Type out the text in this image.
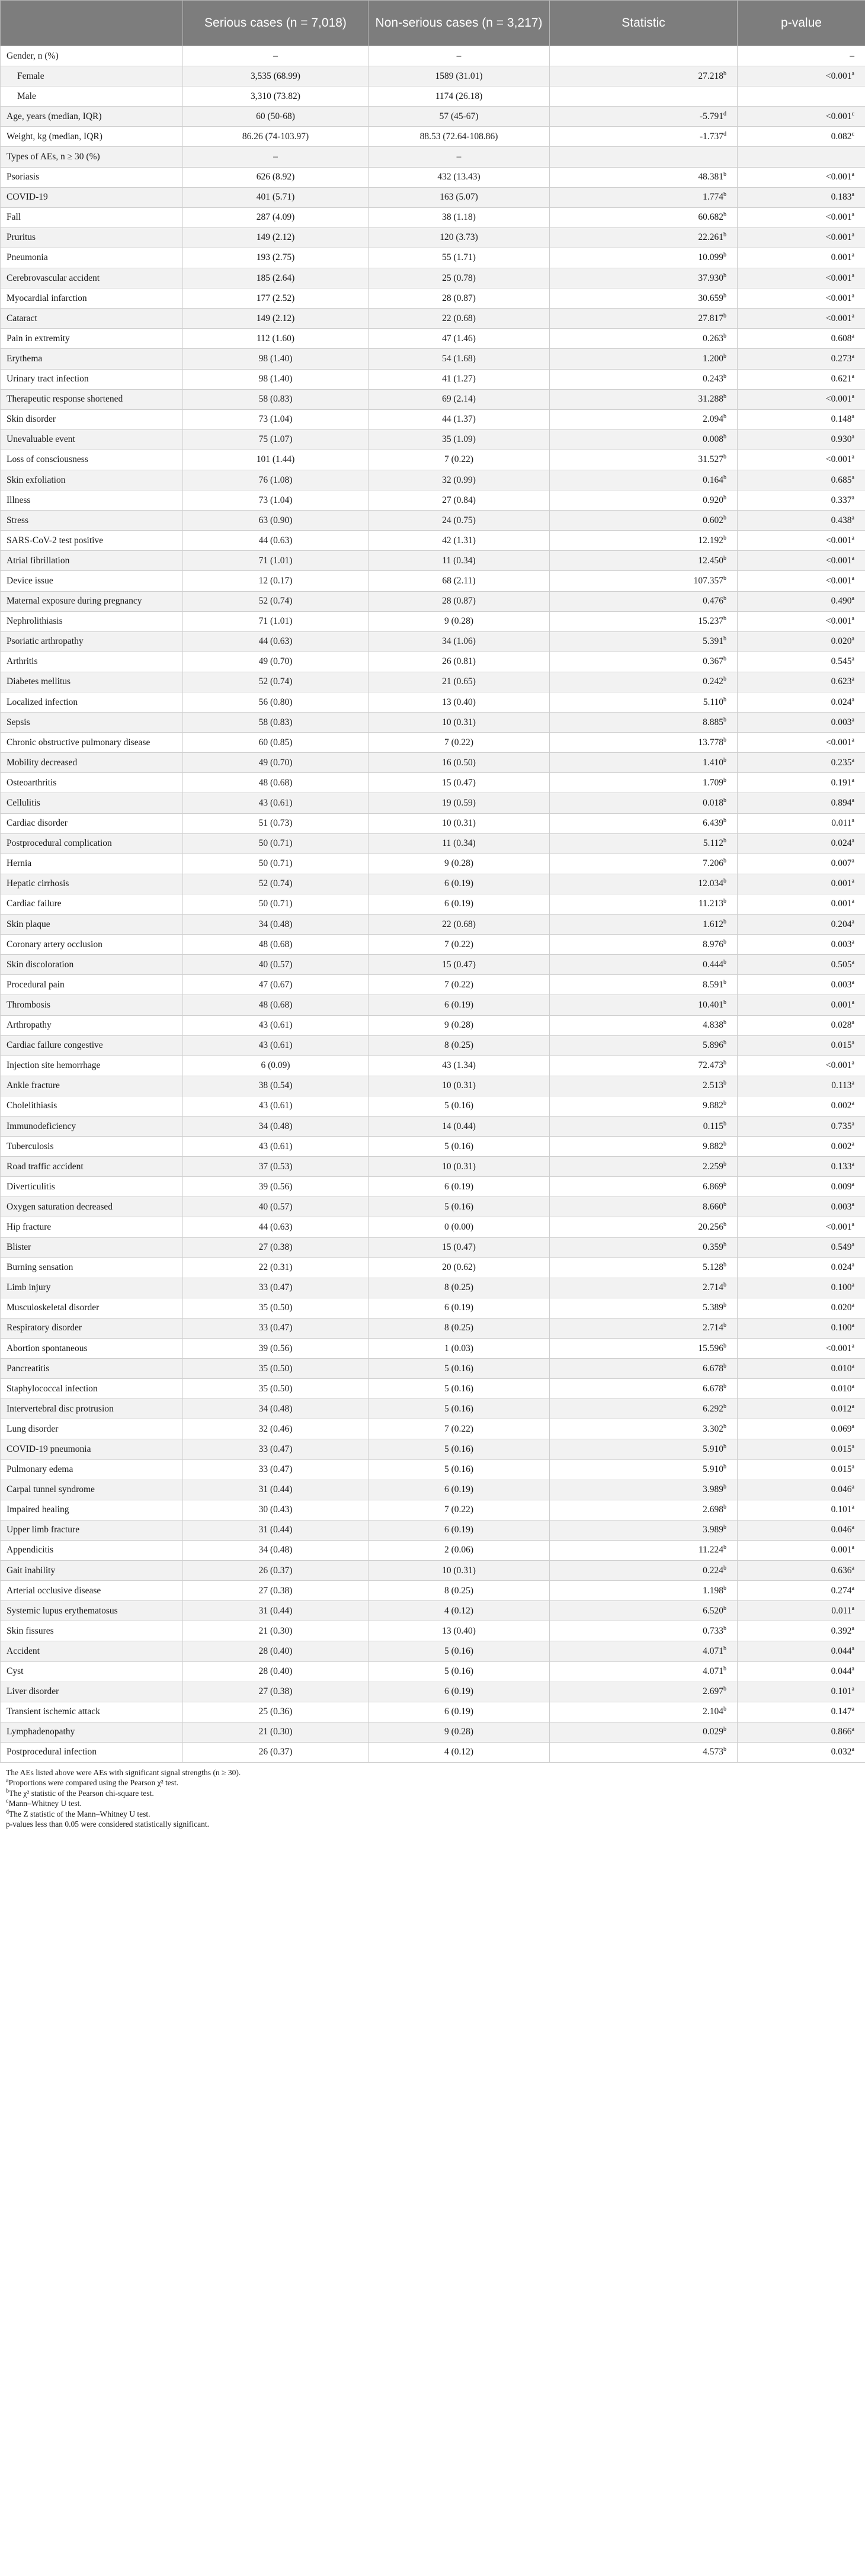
	Serious cases (n = 7,018)	Non-serious cases (n = 3,217)	Statistic	p-value
Gender, n (%)	–	–		–
Female	3,535 (68.99)	1589 (31.01)	27.218$^b$	<0.001$^a$
Male	3,310 (73.82)	1174 (26.18)		
Age, years (median, IQR)	60 (50-68)	57 (45-67)	-5.791$^d$	<0.001$^c$
Weight, kg (median, IQR)	86.26 (74-103.97)	88.53 (72.64-108.86)	-1.737$^d$	0.082$^c$
Types of AEs, n ≥ 30 (%)	–	–		
Psoriasis	626 (8.92)	432 (13.43)	48.381$^b$	<0.001$^a$
COVID-19	401 (5.71)	163 (5.07)	1.774$^b$	0.183$^a$
Fall	287 (4.09)	38 (1.18)	60.682$^b$	<0.001$^a$
Pruritus	149 (2.12)	120 (3.73)	22.261$^b$	<0.001$^a$
Pneumonia	193 (2.75)	55 (1.71)	10.099$^b$	0.001$^a$
Cerebrovascular accident	185 (2.64)	25 (0.78)	37.930$^b$	<0.001$^a$
Myocardial infarction	177 (2.52)	28 (0.87)	30.659$^b$	<0.001$^a$
Cataract	149 (2.12)	22 (0.68)	27.817$^b$	<0.001$^a$
Pain in extremity	112 (1.60)	47 (1.46)	0.263$^b$	0.608$^a$
Erythema	98 (1.40)	54 (1.68)	1.200$^b$	0.273$^a$
Urinary tract infection	98 (1.40)	41 (1.27)	0.243$^b$	0.621$^a$
Therapeutic response shortened	58 (0.83)	69 (2.14)	31.288$^b$	<0.001$^a$
Skin disorder	73 (1.04)	44 (1.37)	2.094$^b$	0.148$^a$
Unevaluable event	75 (1.07)	35 (1.09)	0.008$^b$	0.930$^a$
Loss of consciousness	101 (1.44)	7 (0.22)	31.527$^b$	<0.001$^a$
Skin exfoliation	76 (1.08)	32 (0.99)	0.164$^b$	0.685$^a$
Illness	73 (1.04)	27 (0.84)	0.920$^b$	0.337$^a$
Stress	63 (0.90)	24 (0.75)	0.602$^b$	0.438$^a$
SARS-CoV-2 test positive	44 (0.63)	42 (1.31)	12.192$^b$	<0.001$^a$
Atrial fibrillation	71 (1.01)	11 (0.34)	12.450$^b$	<0.001$^a$
Device issue	12 (0.17)	68 (2.11)	107.357$^b$	<0.001$^a$
Maternal exposure during pregnancy	52 (0.74)	28 (0.87)	0.476$^b$	0.490$^a$
Nephrolithiasis	71 (1.01)	9 (0.28)	15.237$^b$	<0.001$^a$
Psoriatic arthropathy	44 (0.63)	34 (1.06)	5.391$^b$	0.020$^a$
Arthritis	49 (0.70)	26 (0.81)	0.367$^b$	0.545$^a$
Diabetes mellitus	52 (0.74)	21 (0.65)	0.242$^b$	0.623$^a$
Localized infection	56 (0.80)	13 (0.40)	5.110$^b$	0.024$^a$
Sepsis	58 (0.83)	10 (0.31)	8.885$^b$	0.003$^a$
Chronic obstructive pulmonary disease	60 (0.85)	7 (0.22)	13.778$^b$	<0.001$^a$
Mobility decreased	49 (0.70)	16 (0.50)	1.410$^b$	0.235$^a$
Osteoarthritis	48 (0.68)	15 (0.47)	1.709$^b$	0.191$^a$
Cellulitis	43 (0.61)	19 (0.59)	0.018$^b$	0.894$^a$
Cardiac disorder	51 (0.73)	10 (0.31)	6.439$^b$	0.011$^a$
Postprocedural complication	50 (0.71)	11 (0.34)	5.112$^b$	0.024$^a$
Hernia	50 (0.71)	9 (0.28)	7.206$^b$	0.007$^a$
Hepatic cirrhosis	52 (0.74)	6 (0.19)	12.034$^b$	0.001$^a$
Cardiac failure	50 (0.71)	6 (0.19)	11.213$^b$	0.001$^a$
Skin plaque	34 (0.48)	22 (0.68)	1.612$^b$	0.204$^a$
Coronary artery occlusion	48 (0.68)	7 (0.22)	8.976$^b$	0.003$^a$
Skin discoloration	40 (0.57)	15 (0.47)	0.444$^b$	0.505$^a$
Procedural pain	47 (0.67)	7 (0.22)	8.591$^b$	0.003$^a$
Thrombosis	48 (0.68)	6 (0.19)	10.401$^b$	0.001$^a$
Arthropathy	43 (0.61)	9 (0.28)	4.838$^b$	0.028$^a$
Cardiac failure congestive	43 (0.61)	8 (0.25)	5.896$^b$	0.015$^a$
Injection site hemorrhage	6 (0.09)	43 (1.34)	72.473$^b$	<0.001$^a$
Ankle fracture	38 (0.54)	10 (0.31)	2.513$^b$	0.113$^a$
Cholelithiasis	43 (0.61)	5 (0.16)	9.882$^b$	0.002$^a$
Immunodeficiency	34 (0.48)	14 (0.44)	0.115$^b$	0.735$^a$
Tuberculosis	43 (0.61)	5 (0.16)	9.882$^b$	0.002$^a$
Road traffic accident	37 (0.53)	10 (0.31)	2.259$^b$	0.133$^a$
Diverticulitis	39 (0.56)	6 (0.19)	6.869$^b$	0.009$^a$
Oxygen saturation decreased	40 (0.57)	5 (0.16)	8.660$^b$	0.003$^a$
Hip fracture	44 (0.63)	0 (0.00)	20.256$^b$	<0.001$^a$
Blister	27 (0.38)	15 (0.47)	0.359$^b$	0.549$^a$
Burning sensation	22 (0.31)	20 (0.62)	5.128$^b$	0.024$^a$
Limb injury	33 (0.47)	8 (0.25)	2.714$^b$	0.100$^a$
Musculoskeletal disorder	35 (0.50)	6 (0.19)	5.389$^b$	0.020$^a$
Respiratory disorder	33 (0.47)	8 (0.25)	2.714$^b$	0.100$^a$
Abortion spontaneous	39 (0.56)	1 (0.03)	15.596$^b$	<0.001$^a$
Pancreatitis	35 (0.50)	5 (0.16)	6.678$^b$	0.010$^a$
Staphylococcal infection	35 (0.50)	5 (0.16)	6.678$^b$	0.010$^a$
Intervertebral disc protrusion	34 (0.48)	5 (0.16)	6.292$^b$	0.012$^a$
Lung disorder	32 (0.46)	7 (0.22)	3.302$^b$	0.069$^a$
COVID-19 pneumonia	33 (0.47)	5 (0.16)	5.910$^b$	0.015$^a$
Pulmonary edema	33 (0.47)	5 (0.16)	5.910$^b$	0.015$^a$
Carpal tunnel syndrome	31 (0.44)	6 (0.19)	3.989$^b$	0.046$^a$
Impaired healing	30 (0.43)	7 (0.22)	2.698$^b$	0.101$^a$
Upper limb fracture	31 (0.44)	6 (0.19)	3.989$^b$	0.046$^a$
Appendicitis	34 (0.48)	2 (0.06)	11.224$^b$	0.001$^a$
Gait inability	26 (0.37)	10 (0.31)	0.224$^b$	0.636$^a$
Arterial occlusive disease	27 (0.38)	8 (0.25)	1.198$^b$	0.274$^a$
Systemic lupus erythematosus	31 (0.44)	4 (0.12)	6.520$^b$	0.011$^a$
Skin fissures	21 (0.30)	13 (0.40)	0.733$^b$	0.392$^a$
Accident	28 (0.40)	5 (0.16)	4.071$^b$	0.044$^a$
Cyst	28 (0.40)	5 (0.16)	4.071$^b$	0.044$^a$
Liver disorder	27 (0.38)	6 (0.19)	2.697$^b$	0.101$^a$
Transient ischemic attack	25 (0.36)	6 (0.19)	2.104$^b$	0.147$^a$
Lymphadenopathy	21 (0.30)	9 (0.28)	0.029$^b$	0.866$^a$
Postprocedural infection	26 (0.37)	4 (0.12)	4.573$^b$	0.032$^a$

The AEs listed above were AEs with significant signal strengths (n ≥ 30).

$^a$Proportions were compared using the Pearson χ² test.

$^b$The χ² statistic of the Pearson chi-square test.

$^c$Mann–Whitney U test.

$^d$The Z statistic of the Mann–Whitney U test.

p-values less than 0.05 were considered statistically significant.
